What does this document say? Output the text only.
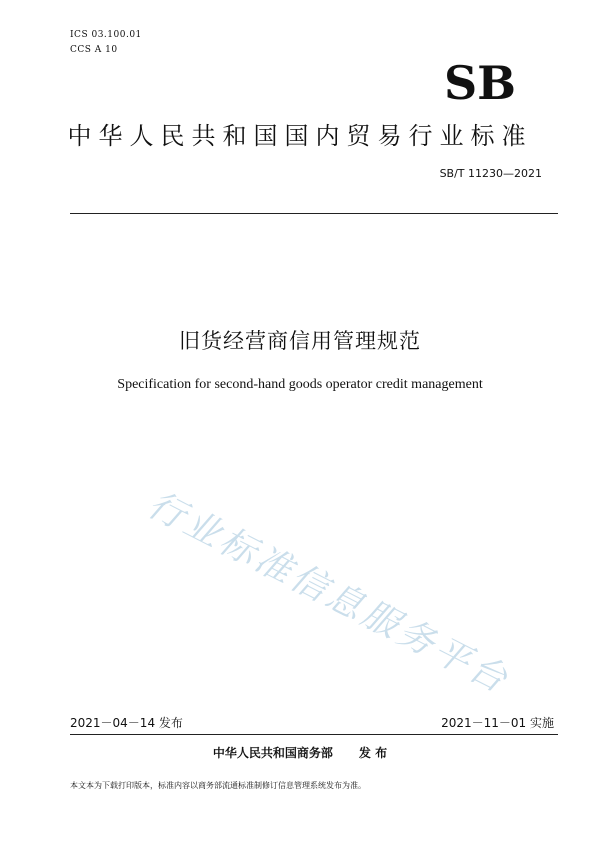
ICS 03.100.01
CCS A 10
SB
中华人民共和国国内贸易行业标准
SB/T 11230—2021
旧货经营商信用管理规范
Specification for second-hand goods operator credit management
行业标准信息服务平台
2021－04－14 发布	2021－11－01 实施
中华人民共和国商务部 发 布
本文本为下载打印版本，标准内容以商务部流通标准制修订信息管理系统发布为准。
